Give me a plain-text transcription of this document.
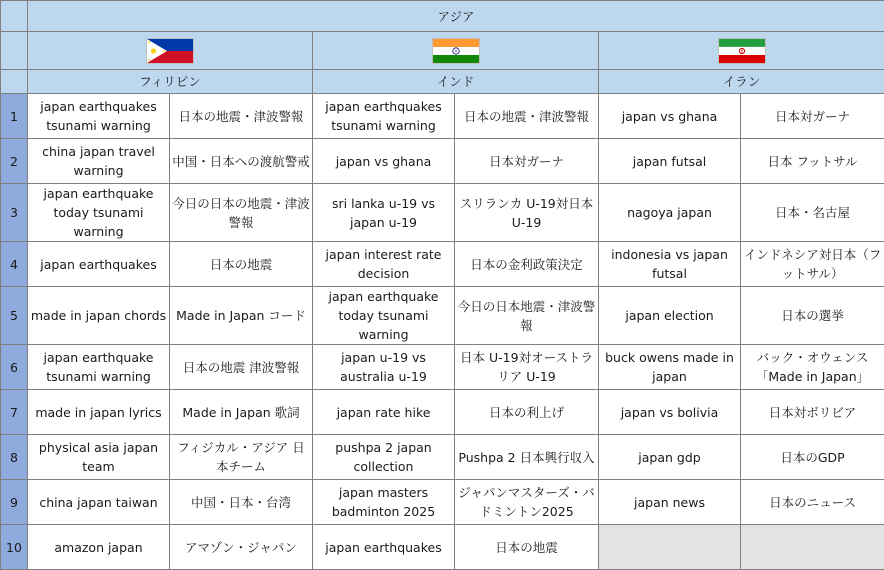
	アジア					

	フィリピン		インド		イラン	
1	japan earthquakes tsunami warning	日本の地震・津波警報	japan earthquakes tsunami warning	日本の地震・津波警報	japan vs ghana	日本対ガーナ
2	china japan travel warning	中国・日本への渡航警戒	japan vs ghana	日本対ガーナ	japan futsal	日本 フットサル
3	japan earthquake today tsunami warning	今日の日本の地震・津波警報	sri lanka u-19 vs japan u-19	スリランカ U-19対日本 U-19	nagoya japan	日本・名古屋
4	japan earthquakes	日本の地震	japan interest rate decision	日本の金利政策決定	indonesia vs japan futsal	インドネシア対日本（フットサル）
5	made in japan chords	Made in Japan コード	japan earthquake today tsunami warning	今日の日本地震・津波警報	japan election	日本の選挙
6	japan earthquake tsunami warning	日本の地震 津波警報	japan u-19 vs australia u-19	日本 U-19対オーストラリア U-19	buck owens made in japan	バック・オウェンス「Made in Japan」
7	made in japan lyrics	Made in Japan 歌詞	japan rate hike	日本の利上げ	japan vs bolivia	日本対ボリビア
8	physical asia japan team	フィジカル・アジア 日本チーム	pushpa 2 japan collection	Pushpa 2 日本興行収入	japan gdp	日本のGDP
9	china japan taiwan	中国・日本・台湾	japan masters badminton 2025	ジャパンマスターズ・バドミントン2025	japan news	日本のニュース
10	amazon japan	アマゾン・ジャパン	japan earthquakes	日本の地震		
